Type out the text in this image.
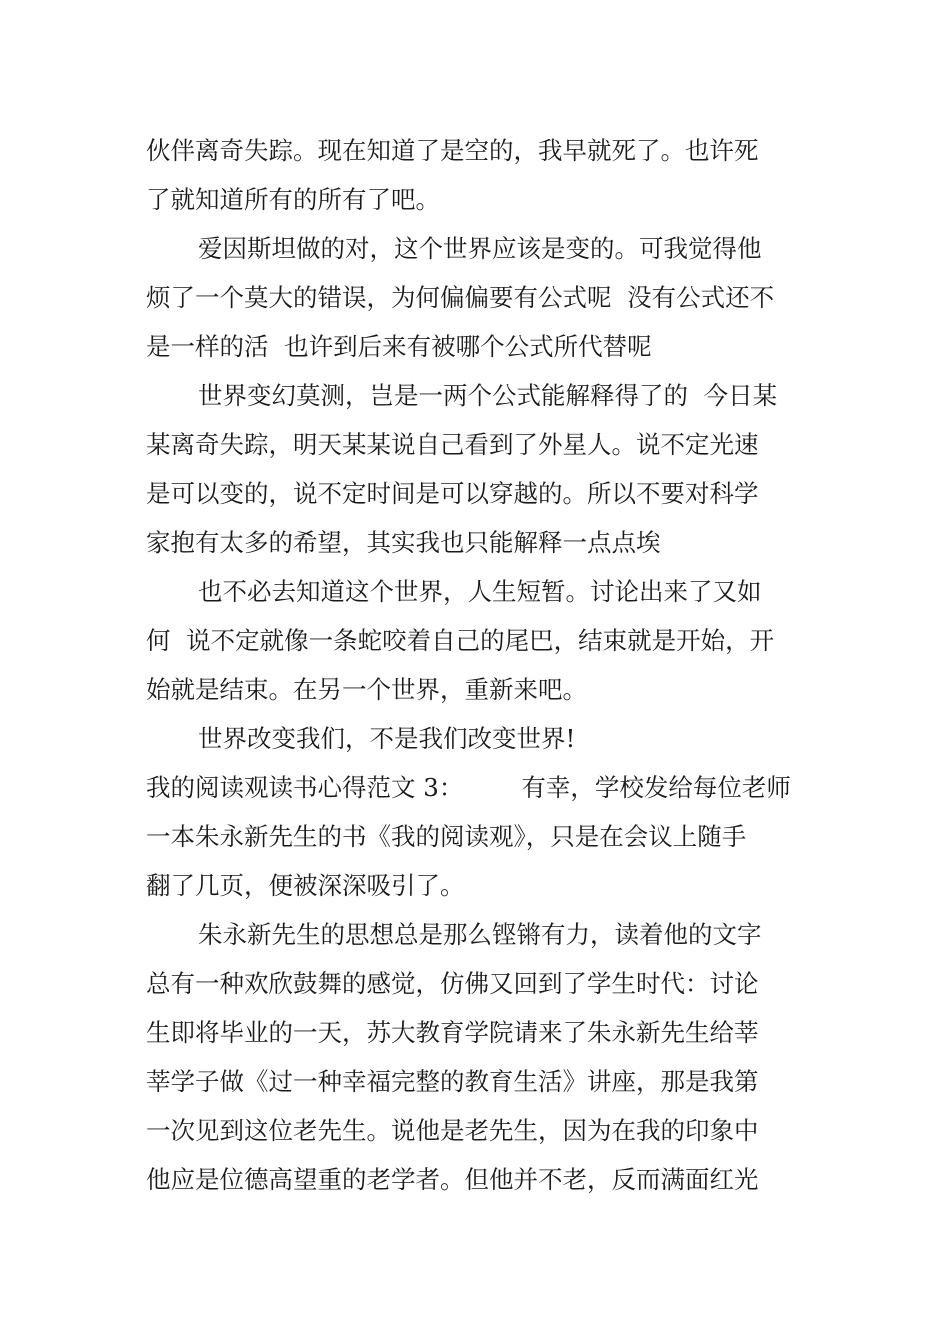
伙伴离奇失踪。现在知道了是空的，我早就死了。也许死
了就知道所有的所有了吧。
爱因斯坦做的对，这个世界应该是变的。可我觉得他
烦了一个莫大的错误，为何偏偏要有公式呢  没有公式还不
是一样的活  也许到后来有被哪个公式所代替呢
世界变幻莫测，岂是一两个公式能解释得了的  今日某
某离奇失踪，明天某某说自己看到了外星人。说不定光速
是可以变的，说不定时间是可以穿越的。所以不要对科学
家抱有太多的希望，其实我也只能解释一点点埃
也不必去知道这个世界，人生短暂。讨论出来了又如
何  说不定就像一条蛇咬着自己的尾巴，结束就是开始，开
始就是结束。在另一个世界，重新来吧。
世界改变我们，不是我们改变世界!
我的阅读观读书心得范文 3： 有幸，学校发给每位老师
一本朱永新先生的书《我的阅读观》，只是在会议上随手
翻了几页，便被深深吸引了。
朱永新先生的思想总是那么铿锵有力，读着他的文字
总有一种欢欣鼓舞的感觉，仿佛又回到了学生时代：讨论
生即将毕业的一天，苏大教育学院请来了朱永新先生给莘
莘学子做《过一种幸福完整的教育生活》讲座，那是我第
一次见到这位老先生。说他是老先生，因为在我的印象中
他应是位德高望重的老学者。但他并不老，反而满面红光
